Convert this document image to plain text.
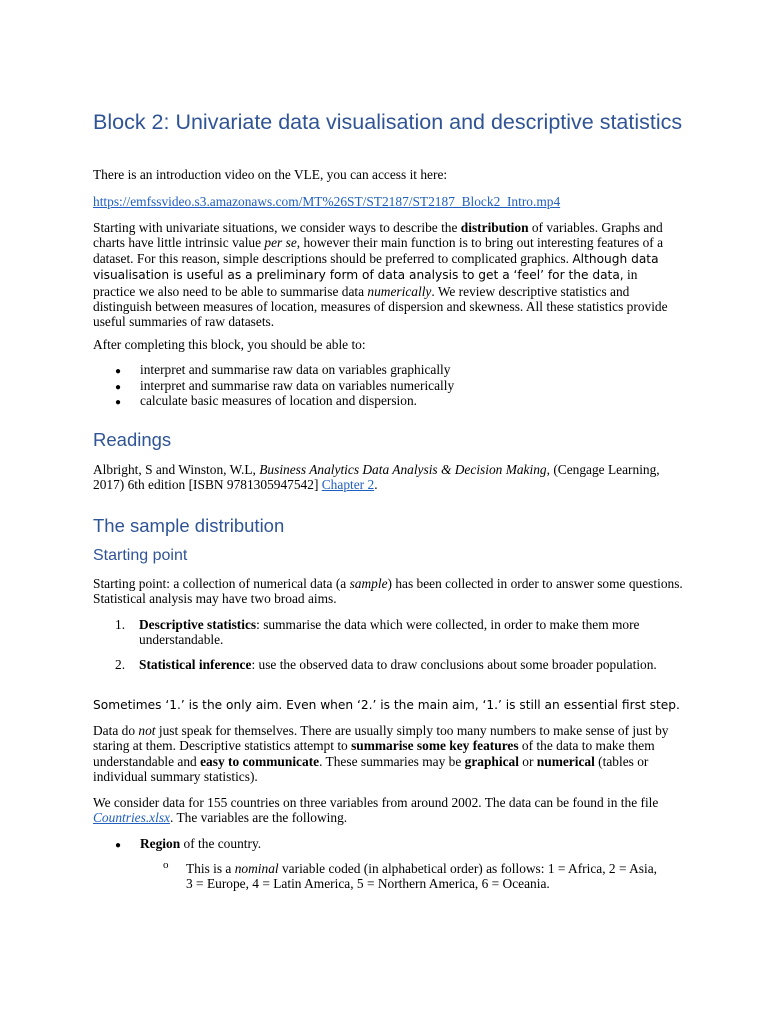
Block 2: Univariate data visualisation and descriptive statistics

There is an introduction video on the VLE, you can access it here:

https://emfssvideo.s3.amazonaws.com/MT%26ST/ST2187/ST2187_Block2_Intro.mp4

Starting with univariate situations, we consider ways to describe the distribution of variables. Graphs and charts have little intrinsic value per se, however their main function is to bring out interesting features of a dataset. For this reason, simple descriptions should be preferred to complicated graphics. Although data visualisation is useful as a preliminary form of data analysis to get a ‘feel’ for the data, in practice we also need to be able to summarise data numerically. We review descriptive statistics and distinguish between measures of location, measures of dispersion and skewness. All these statistics provide useful summaries of raw datasets.

After completing this block, you should be able to:

● interpret and summarise raw data on variables graphically
● interpret and summarise raw data on variables numerically
● calculate basic measures of location and dispersion.
Readings

Albright, S and Winston, W.L, Business Analytics Data Analysis & Decision Making, (Cengage Learning, 2017) 6th edition [ISBN 9781305947542] Chapter 2.

The sample distribution
Starting point

Starting point: a collection of numerical data (a sample) has been collected in order to answer some questions. Statistical analysis may have two broad aims.

1. Descriptive statistics: summarise the data which were collected, in order to make them more understandable.

2. Statistical inference: use the observed data to draw conclusions about some broader population.

Sometimes ‘1.’ is the only aim. Even when ‘2.’ is the main aim, ‘1.’ is still an essential first step.

Data do not just speak for themselves. There are usually simply too many numbers to make sense of just by staring at them. Descriptive statistics attempt to summarise some key features of the data to make them understandable and easy to communicate. These summaries may be graphical or numerical (tables or individual summary statistics).

We consider data for 155 countries on three variables from around 2002. The data can be found in the file Countries.xlsx. The variables are the following.

● Region of the country.

o This is a nominal variable coded (in alphabetical order) as follows: 1 = Africa, 2 = Asia, 3 = Europe, 4 = Latin America, 5 = Northern America, 6 = Oceania.
